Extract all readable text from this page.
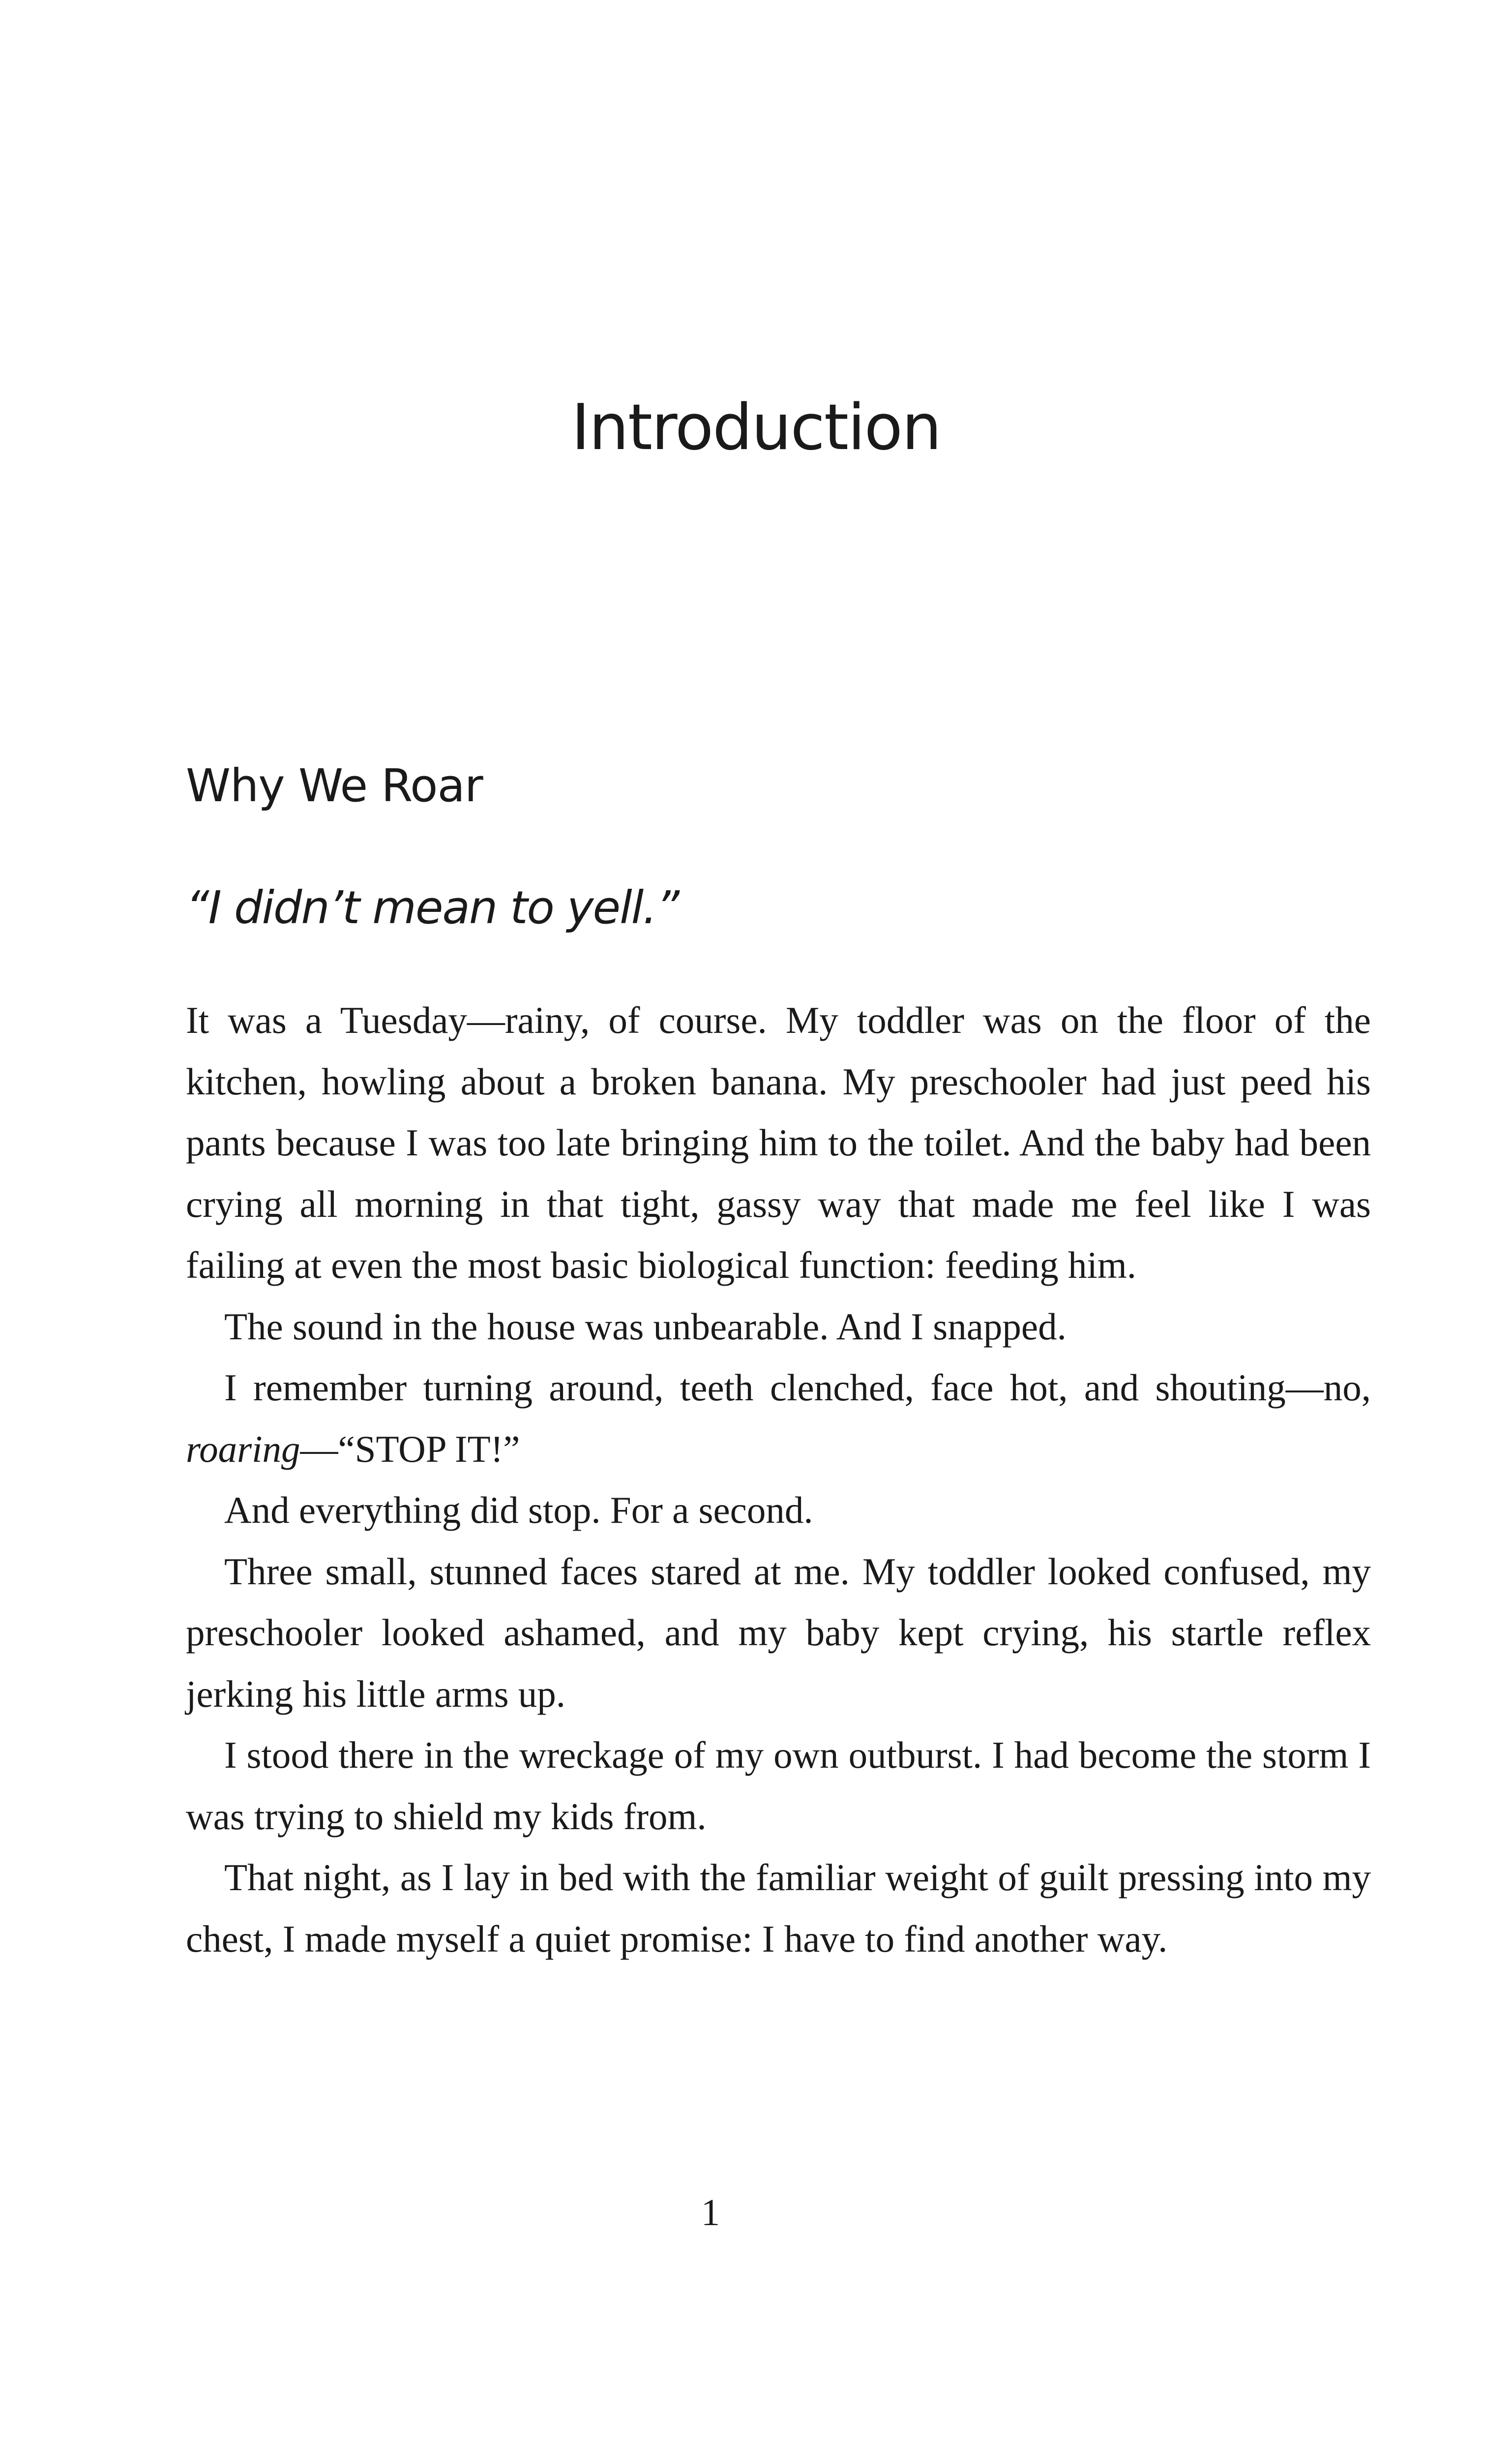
Introduction
Why We Roar
“I didn’t mean to yell.”

It was a Tuesday—rainy, of course. My toddler was on the floor of the kitchen, howling about a broken banana. My preschooler had just peed his pants because I was too late bringing him to the toilet. And the baby had been crying all morning in that tight, gassy way that made me feel like I was failing at even the most basic biological function: feeding him.

The sound in the house was unbearable. And I snapped.

I remember turning around, teeth clenched, face hot, and shouting—no, roaring—“STOP IT!”

And everything did stop. For a second.

Three small, stunned faces stared at me. My toddler looked confused, my preschooler looked ashamed, and my baby kept crying, his startle reflex jerking his little arms up.

I stood there in the wreckage of my own outburst. I had become the storm I was trying to shield my kids from.

That night, as I lay in bed with the familiar weight of guilt pressing into my chest, I made myself a quiet promise: I have to find another way.

1
